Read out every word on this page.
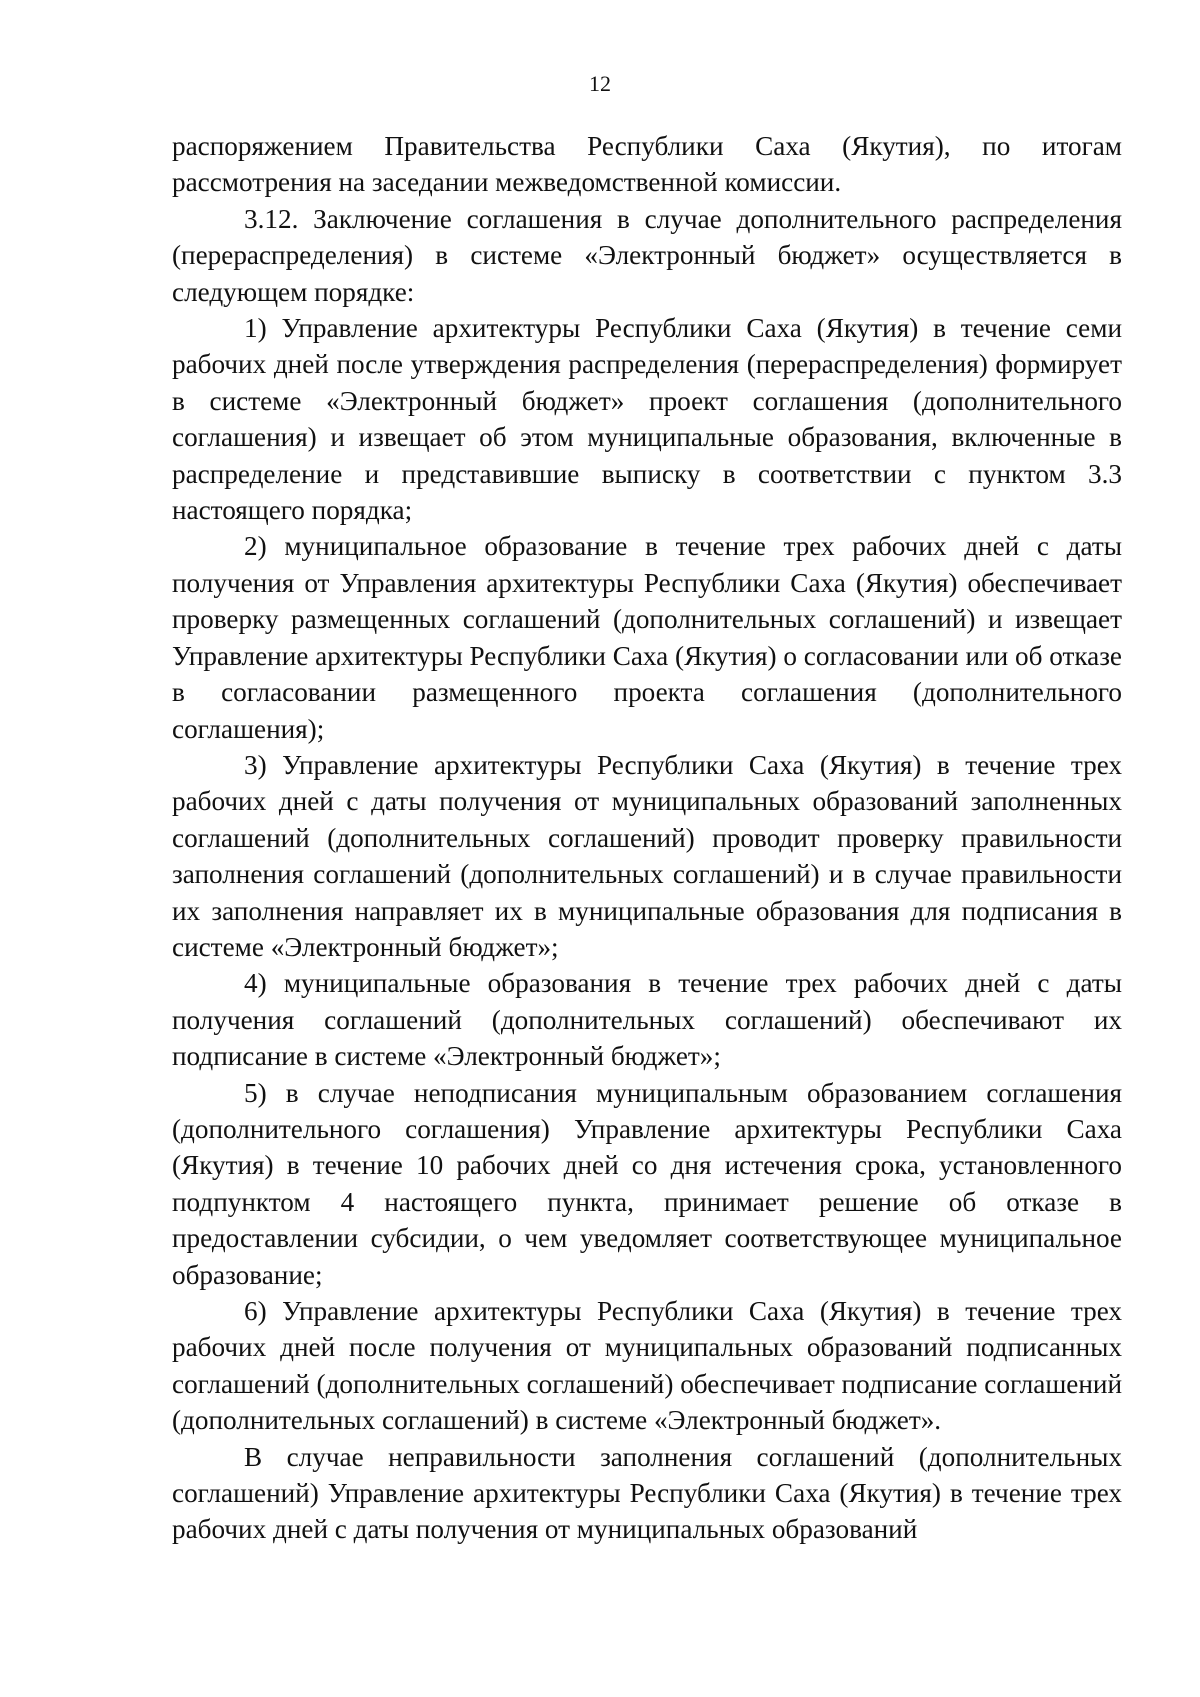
12

распоряжением Правительства Республики Саха (Якутия), по итогам рассмотрения на заседании межведомственной комиссии.

3.12. Заключение соглашения в случае дополнительного распределения (перераспределения) в системе «Электронный бюджет» осуществляется в следующем порядке:

1) Управление архитектуры Республики Саха (Якутия) в течение семи рабочих дней после утверждения распределения (перераспределения) формирует в системе «Электронный бюджет» проект соглашения (дополнительного соглашения) и извещает об этом муниципальные образования, включенные в распределение и представившие выписку в соответствии с пунктом 3.3 настоящего порядка;

2) муниципальное образование в течение трех рабочих дней с даты получения от Управления архитектуры Республики Саха (Якутия) обеспечивает проверку размещенных соглашений (дополнительных соглашений) и извещает Управление архитектуры Республики Саха (Якутия) о согласовании или об отказе в согласовании размещенного проекта соглашения (дополнительного соглашения);

3) Управление архитектуры Республики Саха (Якутия) в течение трех рабочих дней с даты получения от муниципальных образований заполненных соглашений (дополнительных соглашений) проводит проверку правильности заполнения соглашений (дополнительных соглашений) и в случае правильности их заполнения направляет их в муниципальные образования для подписания в системе «Электронный бюджет»;

4) муниципальные образования в течение трех рабочих дней с даты получения соглашений (дополнительных соглашений) обеспечивают их подписание в системе «Электронный бюджет»;

5) в случае неподписания муниципальным образованием соглашения (дополнительного соглашения) Управление архитектуры Республики Саха (Якутия) в течение 10 рабочих дней со дня истечения срока, установленного подпунктом 4 настоящего пункта, принимает решение об отказе в предоставлении субсидии, о чем уведомляет соответствующее муниципальное образование;

6) Управление архитектуры Республики Саха (Якутия) в течение трех рабочих дней после получения от муниципальных образований подписанных соглашений (дополнительных соглашений) обеспечивает подписание соглашений (дополнительных соглашений) в системе «Электронный бюджет».

В случае неправильности заполнения соглашений (дополнительных соглашений) Управление архитектуры Республики Саха (Якутия) в течение трех рабочих дней с даты получения от муниципальных образований
